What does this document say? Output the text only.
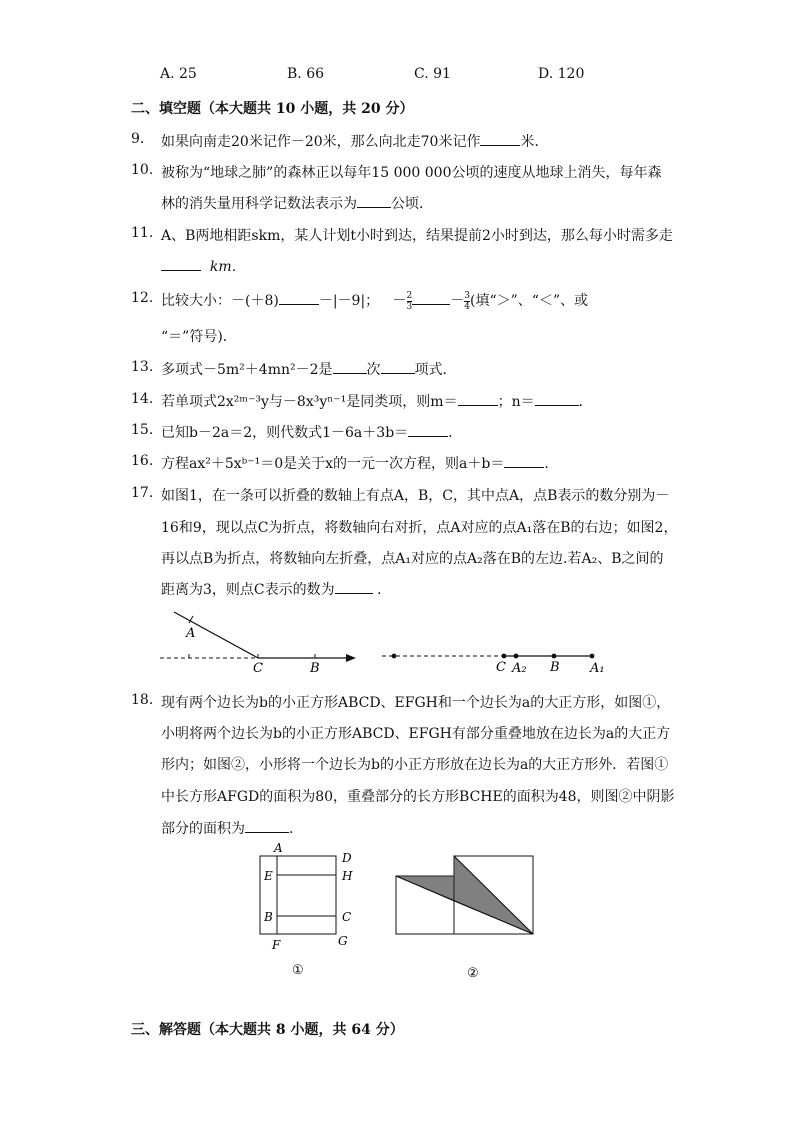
A. 25	B. 66	C. 91	D. 120
二、填空题（本大题共 10 小题，共 20 分）
9.	如果向南走20米记作－20米，那么向北走70米记作	米．
10. 被称为“地球之肺”的森林正以每年15 000 000公顷的速度从地球上消失，每年森
林的消失量用科学记数法表示为 公顷．
11. A、B两地相距skm，某人计划t小时到达，结果提前2小时到达，那么每小时需多走
km．
12. 比较大小：－(＋8)	－|－9|； － $\frac{2}{3}$	－ $\frac{3}{4}$ (填“＞”、“＜”、或
“＝”符号)．
13. 多项式－5m²＋4mn²－2是 次 项式．
14. 若单项式2x²ᵐ⁻³y与－8x³yⁿ⁻¹是同类项，则m＝	；n＝	．
15. 已知b－2a＝2，则代数式1－6a＋3b＝	．
16. 方程ax²＋5xᵇ⁻¹＝0是关于x的一元一次方程，则a＋b＝	．
17. 如图1，在一条可以折叠的数轴上有点A，B，C，其中点A，点B表示的数分别为－
16和9，现以点C为折点，将数轴向右对折，点A对应的点A₁落在B的右边；如图2，
再以点B为折点，将数轴向左折叠，点A₁对应的点A₂落在B的左边.若A₂、B之间的
距离为3，则点C表示的数为	．
A
C	B	C A₂ B A₁
18. 现有两个边长为b的小正方形ABCD、EFGH和一个边长为a的大正方形，如图①，
小明将两个边长为b的小正方形ABCD、EFGH有部分重叠地放在边长为a的大正方
形内；如图②，小形将一个边长为b的小正方形放在边长为a的大正方形外．若图①
中长方形AFGD的面积为80，重叠部分的长方形BCHE的面积为48，则图②中阴影
部分的面积为	．
A
D
E	H
B	C
F	G
①	②
三、解答题（本大题共 8 小题，共 64 分）
